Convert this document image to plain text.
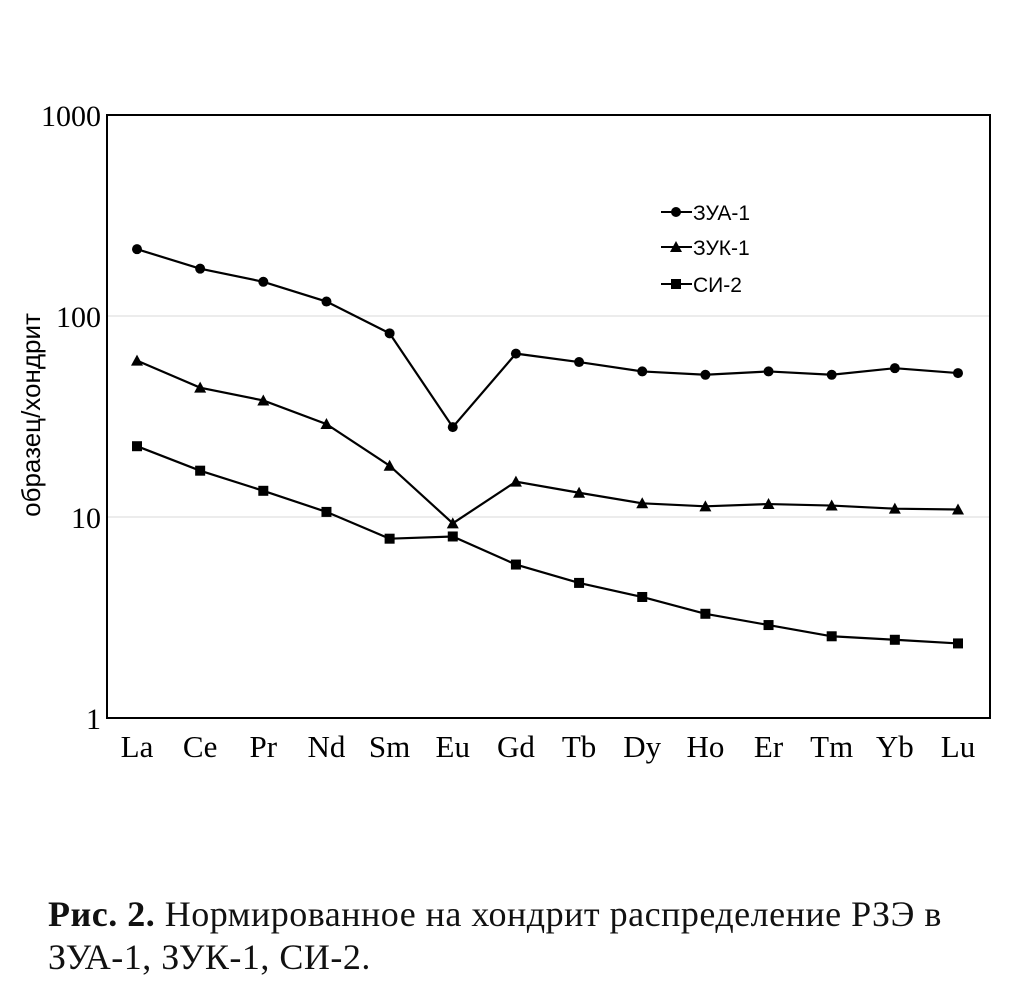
1
10
100
1000
La Ce Pr Nd Sm Eu Gd Tb Dy Ho Er Tm Yb Lu
образец/хондрит
ЗУА-1
ЗУК-1
СИ-2
Рис. 2. Нормированное на хондрит распределение РЗЭ в ЗУА-1, ЗУК-1, СИ-2.
